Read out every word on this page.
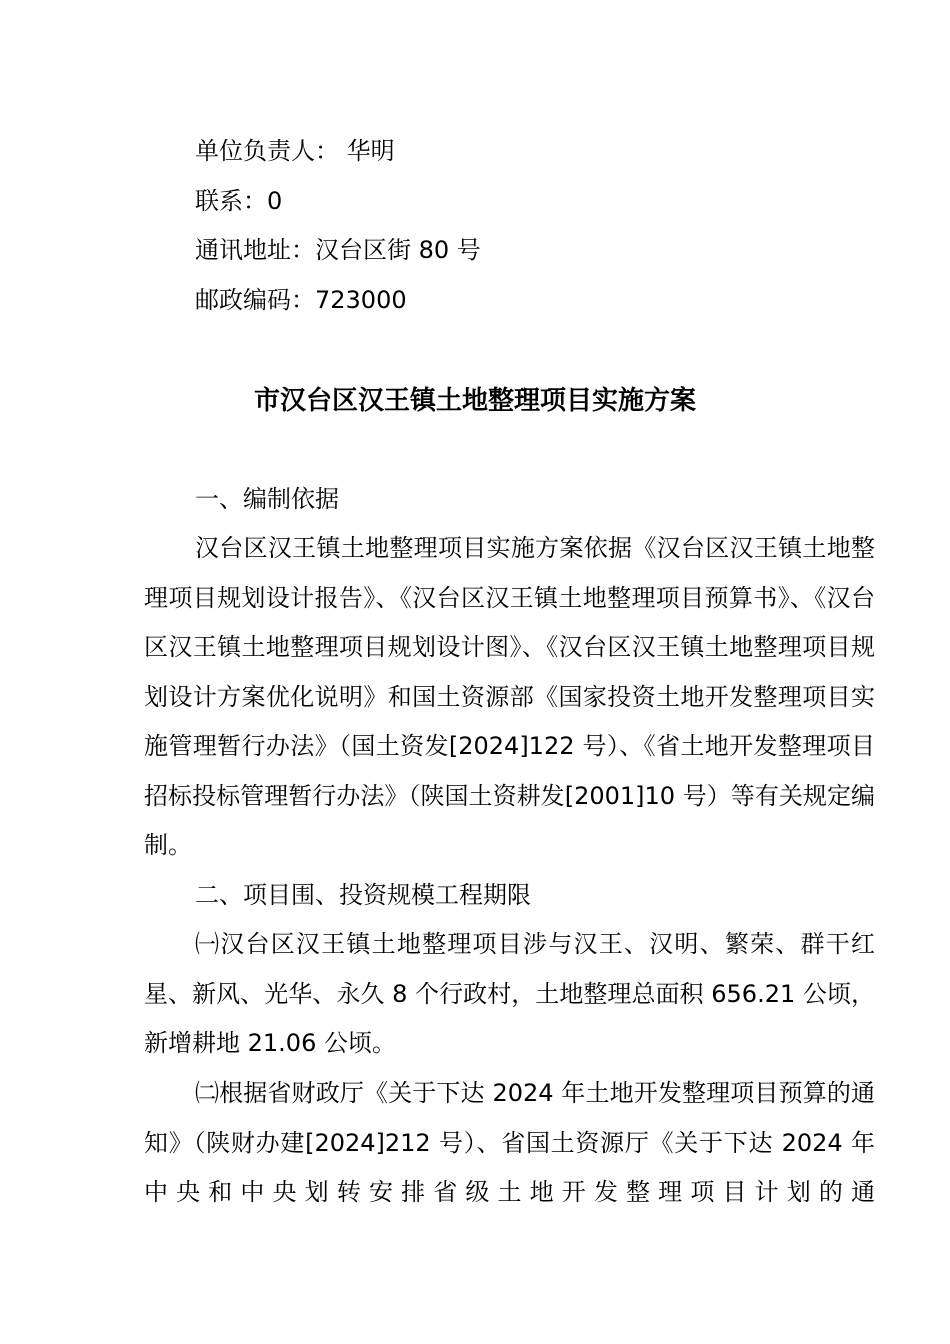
单位负责人： 华明
联系：0
通讯地址：汉台区街 80 号
邮政编码：723000
市汉台区汉王镇土地整理项目实施方案
一、编制依据
汉台区汉王镇土地整理项目实施方案依据《汉台区汉王镇土地整理项目规划设计报告》、《汉台区汉王镇土地整理项目预算书》、《汉台区汉王镇土地整理项目规划设计图》、《汉台区汉王镇土地整理项目规划设计方案优化说明》和国土资源部《国家投资土地开发整理项目实施管理暂行办法》（国土资发[2024]122 号）、《省土地开发整理项目招标投标管理暂行办法》（陕国土资耕发[2001]10 号）等有关规定编制。
二、项目围、投资规模工程期限
㈠汉台区汉王镇土地整理项目涉与汉王、汉明、繁荣、群干红星、新风、光华、永久 8 个行政村，土地整理总面积 656.21 公顷，新增耕地 21.06 公顷。
㈡根据省财政厅《关于下达 2024 年土地开发整理项目预算的通知》（陕财办建[2024]212 号）、省国土资源厅《关于下达 2024 年中央和中央划转安排省级土地开发整理项目计划的通
